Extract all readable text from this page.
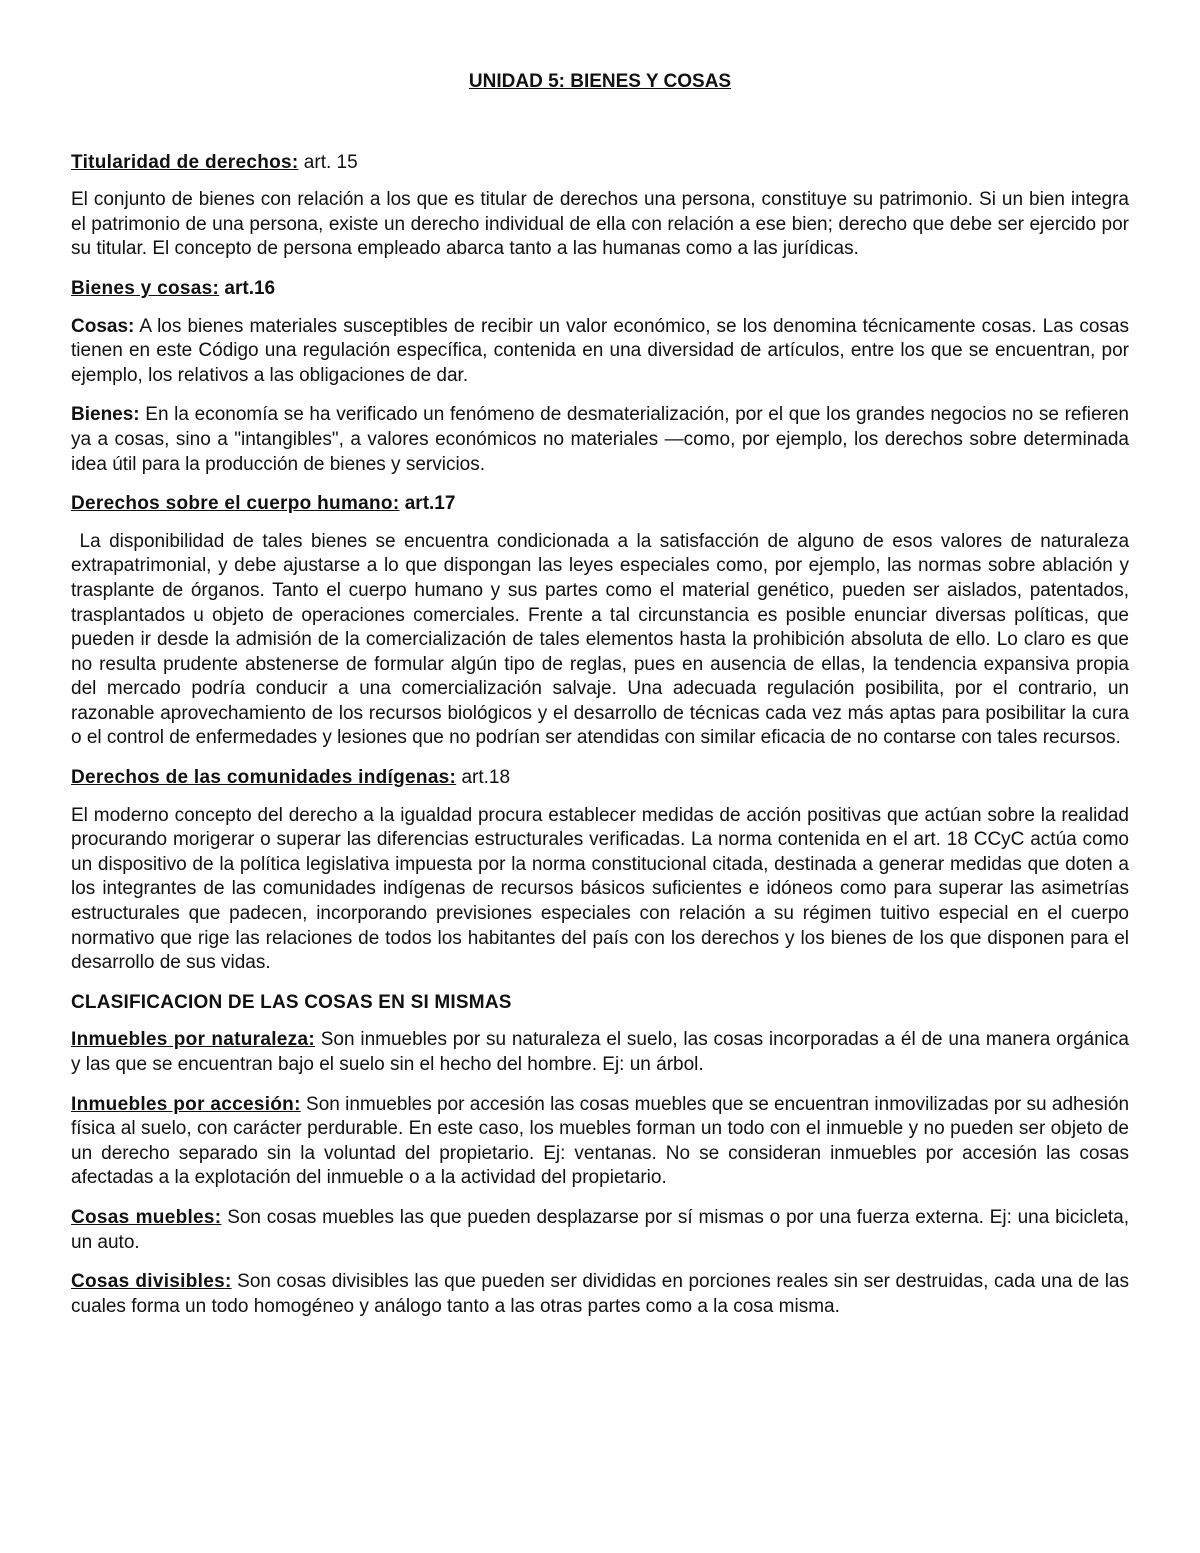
UNIDAD 5: BIENES Y COSAS
Titularidad de derechos: art. 15

El conjunto de bienes con relación a los que es titular de derechos una persona, constituye su patrimonio. Si un bien integra el patrimonio de una persona, existe un derecho individual de ella con relación a ese bien; derecho que debe ser ejercido por su titular. El concepto de persona empleado abarca tanto a las humanas como a las jurídicas.

Bienes y cosas: art.16

Cosas: A los bienes materiales susceptibles de recibir un valor económico, se los denomina técnicamente cosas. Las cosas tienen en este Código una regulación específica, contenida en una diversidad de artículos, entre los que se encuentran, por ejemplo, los relativos a las obligaciones de dar.

Bienes: En la economía se ha verificado un fenómeno de desmaterialización, por el que los grandes negocios no se refieren ya a cosas, sino a "intangibles", a valores económicos no materiales —como, por ejemplo, los derechos sobre determinada idea útil para la producción de bienes y servicios.

Derechos sobre el cuerpo humano: art.17

La disponibilidad de tales bienes se encuentra condicionada a la satisfacción de alguno de esos valores de naturaleza extrapatrimonial, y debe ajustarse a lo que dispongan las leyes especiales como, por ejemplo, las normas sobre ablación y trasplante de órganos. Tanto el cuerpo humano y sus partes como el material genético, pueden ser aislados, patentados, trasplantados u objeto de operaciones comerciales. Frente a tal circunstancia es posible enunciar diversas políticas, que pueden ir desde la admisión de la comercialización de tales elementos hasta la prohibición absoluta de ello. Lo claro es que no resulta prudente abstenerse de formular algún tipo de reglas, pues en ausencia de ellas, la tendencia expansiva propia del mercado podría conducir a una comercialización salvaje. Una adecuada regulación posibilita, por el contrario, un razonable aprovechamiento de los recursos biológicos y el desarrollo de técnicas cada vez más aptas para posibilitar la cura o el control de enfermedades y lesiones que no podrían ser atendidas con similar eficacia de no contarse con tales recursos.

Derechos de las comunidades indígenas: art.18

El moderno concepto del derecho a la igualdad procura establecer medidas de acción positivas que actúan sobre la realidad procurando morigerar o superar las diferencias estructurales verificadas. La norma contenida en el art. 18 CCyC actúa como un dispositivo de la política legislativa impuesta por la norma constitucional citada, destinada a generar medidas que doten a los integrantes de las comunidades indígenas de recursos básicos suficientes e idóneos como para superar las asimetrías estructurales que padecen, incorporando previsiones especiales con relación a su régimen tuitivo especial en el cuerpo normativo que rige las relaciones de todos los habitantes del país con los derechos y los bienes de los que disponen para el desarrollo de sus vidas.

CLASIFICACION DE LAS COSAS EN SI MISMAS

Inmuebles por naturaleza: Son inmuebles por su naturaleza el suelo, las cosas incorporadas a él de una manera orgánica y las que se encuentran bajo el suelo sin el hecho del hombre. Ej: un árbol.

Inmuebles por accesión: Son inmuebles por accesión las cosas muebles que se encuentran inmovilizadas por su adhesión física al suelo, con carácter perdurable. En este caso, los muebles forman un todo con el inmueble y no pueden ser objeto de un derecho separado sin la voluntad del propietario. Ej: ventanas. No se consideran inmuebles por accesión las cosas afectadas a la explotación del inmueble o a la actividad del propietario.

Cosas muebles: Son cosas muebles las que pueden desplazarse por sí mismas o por una fuerza externa. Ej: una bicicleta, un auto.

Cosas divisibles: Son cosas divisibles las que pueden ser divididas en porciones reales sin ser destruidas, cada una de las cuales forma un todo homogéneo y análogo tanto a las otras partes como a la cosa misma.
